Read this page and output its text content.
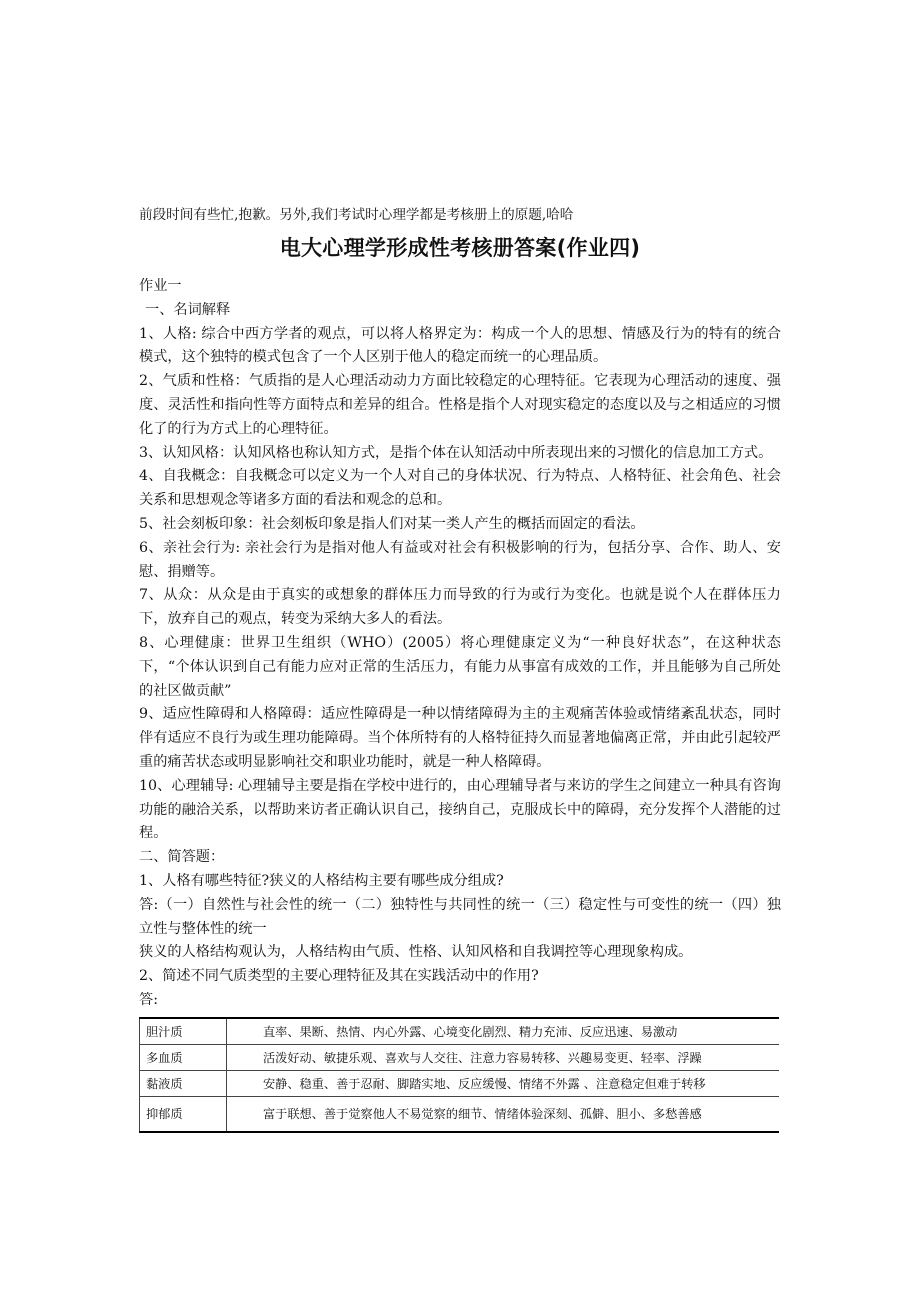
前段时间有些忙,抱歉。另外,我们考试时心理学都是考核册上的原题,哈哈

电大心理学形成性考核册答案(作业四)

作业一

一、名词解释

1、人格: 综合中西方学者的观点，可以将人格界定为：构成一个人的思想、情感及行为的特有的统合模式，这个独特的模式包含了一个人区别于他人的稳定而统一的心理品质。

2、气质和性格：气质指的是人心理活动动力方面比较稳定的心理特征。它表现为心理活动的速度、强度、灵活性和指向性等方面特点和差异的组合。性格是指个人对现实稳定的态度以及与之相适应的习惯化了的行为方式上的心理特征。

3、认知风格：认知风格也称认知方式，是指个体在认知活动中所表现出来的习惯化的信息加工方式。

4、自我概念：自我概念可以定义为一个人对自己的身体状况、行为特点、人格特征、社会角色、社会关系和思想观念等诸多方面的看法和观念的总和。

5、社会刻板印象：社会刻板印象是指人们对某一类人产生的概括而固定的看法。

6、亲社会行为: 亲社会行为是指对他人有益或对社会有积极影响的行为，包括分享、合作、助人、安慰、捐赠等。

7、从众：从众是由于真实的或想象的群体压力而导致的行为或行为变化。也就是说个人在群体压力下，放弃自己的观点，转变为采纳大多人的看法。

8、心理健康：世界卫生组织（WHO）(2005）将心理健康定义为“一种良好状态”，在这种状态下，“个体认识到自己有能力应对正常的生活压力，有能力从事富有成效的工作，并且能够为自己所处的社区做贡献”

9、适应性障碍和人格障碍：适应性障碍是一种以情绪障碍为主的主观痛苦体验或情绪紊乱状态，同时伴有适应不良行为或生理功能障碍。当个体所特有的人格特征持久而显著地偏离正常，并由此引起较严重的痛苦状态或明显影响社交和职业功能时，就是一种人格障碍。

10、心理辅导: 心理辅导主要是指在学校中进行的，由心理辅导者与来访的学生之间建立一种具有咨询功能的融洽关系，以帮助来访者正确认识自己，接纳自己，克服成长中的障碍，充分发挥个人潜能的过程。

二、简答题：

1、人格有哪些特征?狭义的人格结构主要有哪些成分组成?

答:（一）自然性与社会性的统一（二）独特性与共同性的统一（三）稳定性与可变性的统一（四）独立性与整体性的统一

狭义的人格结构观认为，人格结构由气质、性格、认知风格和自我调控等心理现象构成。

2、简述不同气质类型的主要心理特征及其在实践活动中的作用?

答:

胆汁质	直率、果断、热情、内心外露、心境变化剧烈、精力充沛、反应迅速、易激动
多血质	活泼好动、敏捷乐观、喜欢与人交往、注意力容易转移、兴趣易变更、轻率、浮躁
黏液质	安静、稳重、善于忍耐、脚踏实地、反应缓慢、情绪不外露 、注意稳定但难于转移
抑郁质	富于联想、善于觉察他人不易觉察的细节、情绪体验深刻、孤僻、胆小、多愁善感
